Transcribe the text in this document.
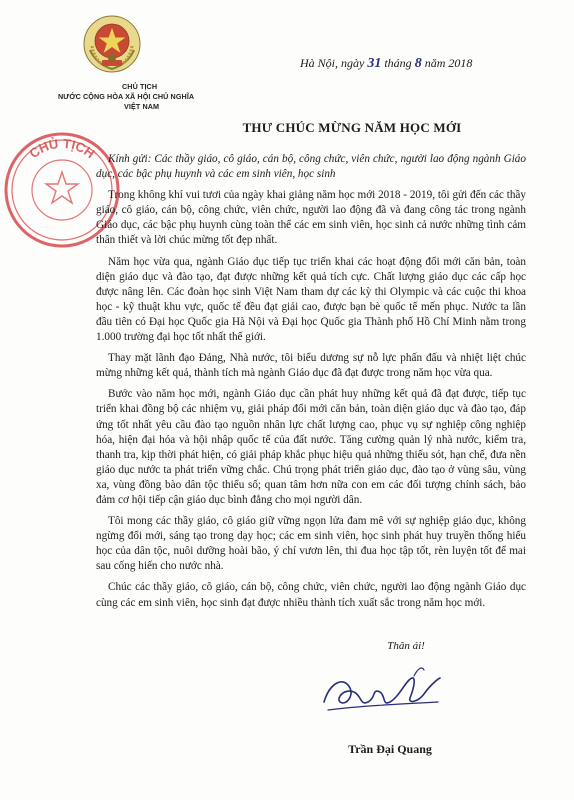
CHỦ TỊCH
NƯỚC CỘNG HÒA XÃ HỘI CHỦ NGHĨA
VIỆT NAM
CHỦ TỊCH
Hà Nội, ngày 31 tháng 8 năm 2018
THƯ CHÚC MỪNG NĂM HỌC MỚI

Kính gửi: Các thầy giáo, cô giáo, cán bộ, công chức, viên chức, người lao động ngành Giáo dục, các bậc phụ huynh và các em sinh viên, học sinh

Trong không khí vui tươi của ngày khai giảng năm học mới 2018 - 2019, tôi gửi đến các thầy giáo, cô giáo, cán bộ, công chức, viên chức, người lao động đã và đang công tác trong ngành Giáo dục, các bậc phụ huynh cùng toàn thể các em sinh viên, học sinh cả nước những tình cảm thân thiết và lời chúc mừng tốt đẹp nhất.

Năm học vừa qua, ngành Giáo dục tiếp tục triển khai các hoạt động đổi mới căn bản, toàn diện giáo dục và đào tạo, đạt được những kết quả tích cực. Chất lượng giáo dục các cấp học được nâng lên. Các đoàn học sinh Việt Nam tham dự các kỳ thi Olympic và các cuộc thi khoa học - kỹ thuật khu vực, quốc tế đều đạt giải cao, được bạn bè quốc tế mến phục. Nước ta lần đầu tiên có Đại học Quốc gia Hà Nội và Đại học Quốc gia Thành phố Hồ Chí Minh nằm trong 1.000 trường đại học tốt nhất thế giới.

Thay mặt lãnh đạo Đảng, Nhà nước, tôi biểu dương sự nỗ lực phấn đấu và nhiệt liệt chúc mừng những kết quả, thành tích mà ngành Giáo dục đã đạt được trong năm học vừa qua.

Bước vào năm học mới, ngành Giáo dục cần phát huy những kết quả đã đạt được, tiếp tục triển khai đồng bộ các nhiệm vụ, giải pháp đổi mới căn bản, toàn diện giáo dục và đào tạo, đáp ứng tốt nhất yêu cầu đào tạo nguồn nhân lực chất lượng cao, phục vụ sự nghiệp công nghiệp hóa, hiện đại hóa và hội nhập quốc tế của đất nước. Tăng cường quản lý nhà nước, kiểm tra, thanh tra, kịp thời phát hiện, có giải pháp khắc phục hiệu quả những thiếu sót, hạn chế, đưa nền giáo dục nước ta phát triển vững chắc. Chú trọng phát triển giáo dục, đào tạo ở vùng sâu, vùng xa, vùng đồng bào dân tộc thiểu số; quan tâm hơn nữa con em các đối tượng chính sách, bảo đảm cơ hội tiếp cận giáo dục bình đẳng cho mọi người dân.

Tôi mong các thầy giáo, cô giáo giữ vững ngọn lửa đam mê với sự nghiệp giáo dục, không ngừng đổi mới, sáng tạo trong dạy học; các em sinh viên, học sinh phát huy truyền thống hiếu học của dân tộc, nuôi dưỡng hoài bão, ý chí vươn lên, thi đua học tập tốt, rèn luyện tốt để mai sau cống hiến cho nước nhà.

Chúc các thầy giáo, cô giáo, cán bộ, công chức, viên chức, người lao động ngành Giáo dục cùng các em sinh viên, học sinh đạt được nhiều thành tích xuất sắc trong năm học mới.

Thân ái!
Trần Đại Quang
